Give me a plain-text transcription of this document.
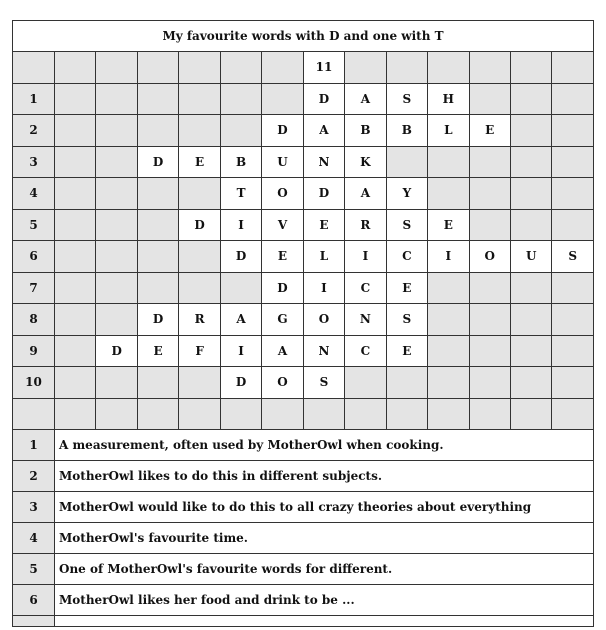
My favourite words with D and one with T													
							11						
1							D	A	S	H			
2						D	A	B	B	L	E		
3			D	E	B	U	N	K					
4					T	O	D	A	Y				
5				D	I	V	E	R	S	E			
6					D	E	L	I	C	I	O	U	S
7						D	I	C	E				
8			D	R	A	G	O	N	S				
9		D	E	F	I	A	N	C	E				
10					D	O	S						

1	A measurement, often used by MotherOwl when cooking.												
2	MotherOwl likes to do this in different subjects.												
3	MotherOwl would like to do this to all crazy theories about everything												
4	MotherOwl's favourite time.												
5	One of MotherOwl's favourite words for different.												
6	MotherOwl likes her food and drink to be ...												
